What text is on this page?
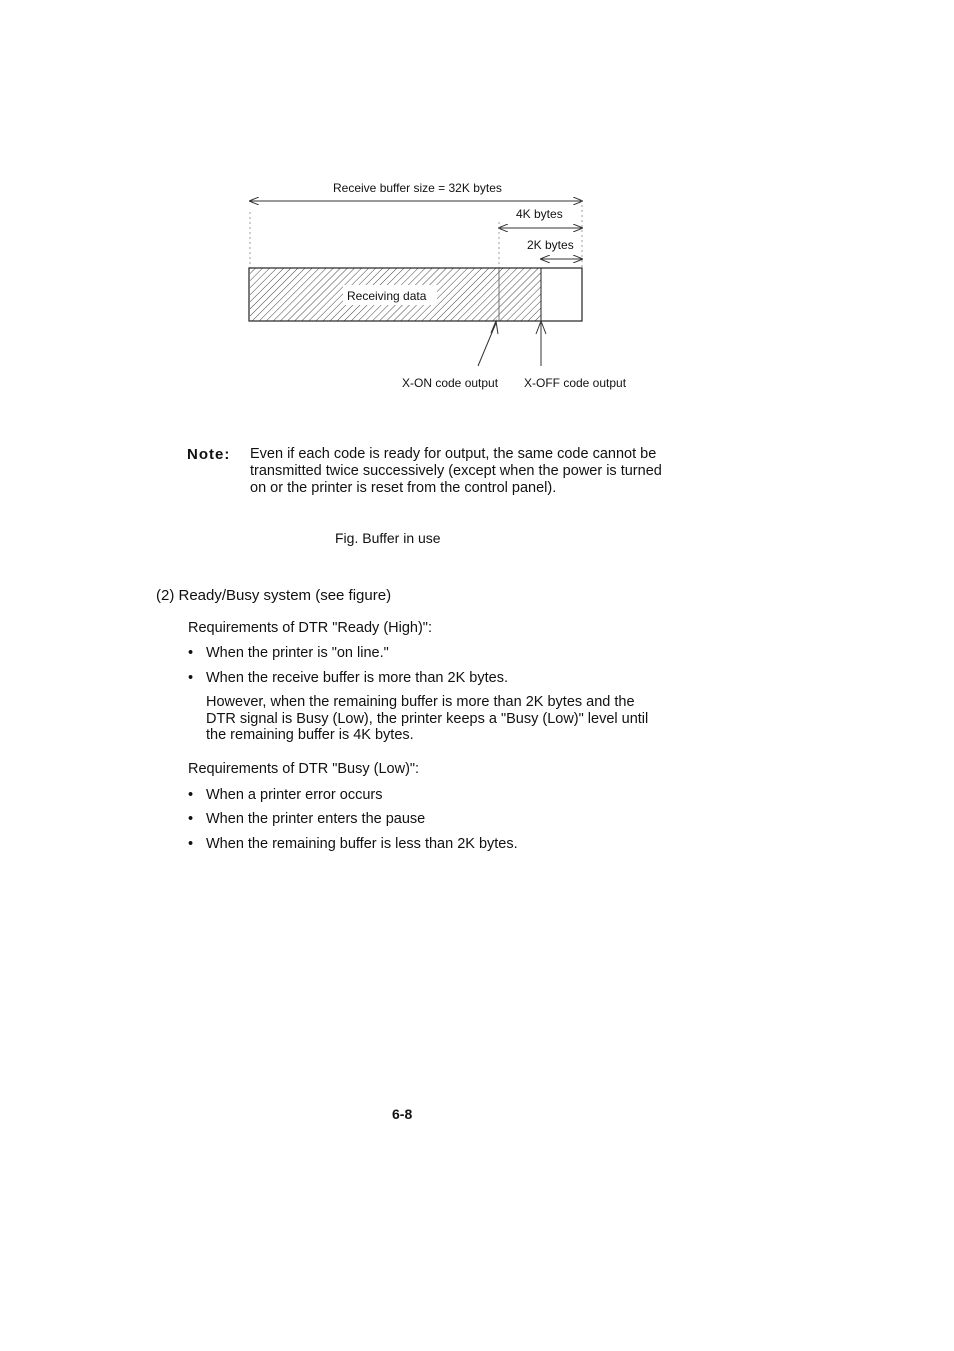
Receive buffer size = 32K bytes
4K bytes
2K bytes
Receiving data
X-ON code output X-OFF code output
Note: Even if each code is ready for output, the same code cannot be
transmitted twice successively (except when the power is turned
on or the printer is reset from the control panel).
Fig. Buffer in use
(2) Ready/Busy system (see figure)
Requirements of DTR "Ready (High)":
• When the printer is "on line."
• When the receive buffer is more than 2K bytes.
However, when the remaining buffer is more than 2K bytes and the
DTR signal is Busy (Low), the printer keeps a "Busy (Low)" level until
the remaining buffer is 4K bytes.
Requirements of DTR "Busy (Low)":
• When a printer error occurs
• When the printer enters the pause
• When the remaining buffer is less than 2K bytes.
6-8
